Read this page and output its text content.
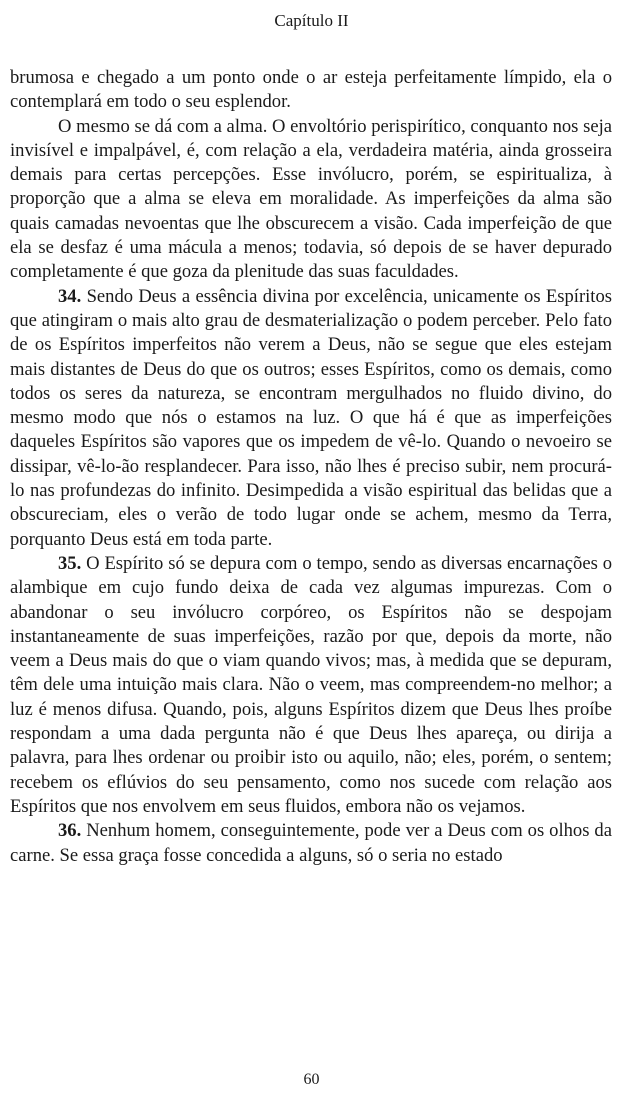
Capítulo II

brumosa e chegado a um ponto onde o ar esteja perfeitamente límpido, ela o contemplará em todo o seu esplendor.

O mesmo se dá com a alma. O envoltório perispirítico, conquanto nos seja invisível e impalpável, é, com relação a ela, verdadeira matéria, ainda grosseira demais para certas percepções. Esse invólucro, porém, se espiritualiza, à proporção que a alma se eleva em moralidade. As imperfeições da alma são quais camadas nevoentas que lhe obscurecem a visão. Cada imperfeição de que ela se desfaz é uma mácula a menos; todavia, só depois de se haver depurado completamente é que goza da plenitude das suas faculdades.

34. Sendo Deus a essência divina por excelência, unicamente os Espíritos que atingiram o mais alto grau de desmaterialização o podem perceber. Pelo fato de os Espíritos imperfeitos não verem a Deus, não se segue que eles estejam mais distantes de Deus do que os outros; esses Espíritos, como os demais, como todos os seres da natureza, se encontram mergulhados no fluido divino, do mesmo modo que nós o estamos na luz. O que há é que as imperfeições daqueles Espíritos são vapores que os impedem de vê-lo. Quando o nevoeiro se dissipar, vê-lo-ão resplandecer. Para isso, não lhes é preciso subir, nem procurá-lo nas profundezas do infinito. Desimpedida a visão espiritual das belidas que a obscureciam, eles o verão de todo lugar onde se achem, mesmo da Terra, porquanto Deus está em toda parte.

35. O Espírito só se depura com o tempo, sendo as diversas encarnações o alambique em cujo fundo deixa de cada vez algumas impurezas. Com o abandonar o seu invólucro corpóreo, os Espíritos não se despojam instantaneamente de suas imperfeições, razão por que, depois da morte, não veem a Deus mais do que o viam quando vivos; mas, à medida que se depuram, têm dele uma intuição mais clara. Não o veem, mas compreendem-no melhor; a luz é menos difusa. Quando, pois, alguns Espíritos dizem que Deus lhes proíbe respondam a uma dada pergunta não é que Deus lhes apareça, ou dirija a palavra, para lhes ordenar ou proibir isto ou aquilo, não; eles, porém, o sentem; recebem os eflúvios do seu pensamento, como nos sucede com relação aos Espíritos que nos envolvem em seus fluidos, embora não os vejamos.

36. Nenhum homem, conseguintemente, pode ver a Deus com os olhos da carne. Se essa graça fosse concedida a alguns, só o seria no estado

60
